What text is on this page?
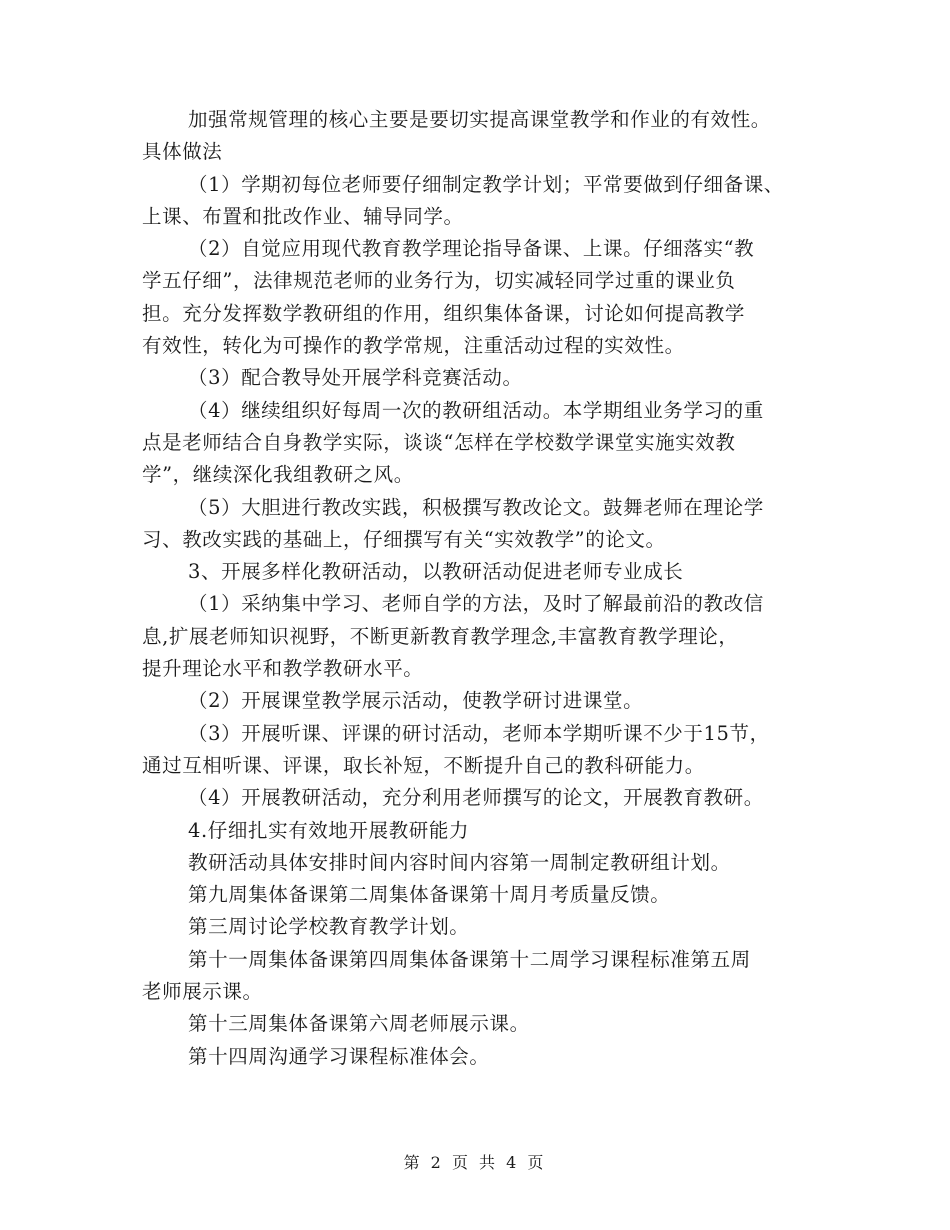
加强常规管理的核心主要是要切实提高课堂教学和作业的有效性。
具体做法

（1）学期初每位老师要仔细制定教学计划；平常要做到仔细备课、
上课、布置和批改作业、辅导同学。

（2）自觉应用现代教育教学理论指导备课、上课。仔细落实“教
学五仔细”，法律规范老师的业务行为，切实减轻同学过重的课业负
担。充分发挥数学教研组的作用，组织集体备课，讨论如何提高教学
有效性，转化为可操作的教学常规，注重活动过程的实效性。

（3）配合教导处开展学科竞赛活动。

（4）继续组织好每周一次的教研组活动。本学期组业务学习的重
点是老师结合自身教学实际，谈谈“怎样在学校数学课堂实施实效教
学”，继续深化我组教研之风。

（5）大胆进行教改实践，积极撰写教改论文。鼓舞老师在理论学
习、教改实践的基础上，仔细撰写有关“实效教学”的论文。

3、开展多样化教研活动，以教研活动促进老师专业成长

（1）采纳集中学习、老师自学的方法，及时了解最前沿的教改信
息,扩展老师知识视野，不断更新教育教学理念,丰富教育教学理论，
提升理论水平和教学教研水平。

（2）开展课堂教学展示活动，使教学研讨进课堂。

（3）开展听课、评课的研讨活动，老师本学期听课不少于15节，
通过互相听课、评课，取长补短，不断提升自己的教科研能力。

（4）开展教研活动，充分利用老师撰写的论文，开展教育教研。

4.仔细扎实有效地开展教研能力

教研活动具体安排时间内容时间内容第一周制定教研组计划。

第九周集体备课第二周集体备课第十周月考质量反馈。

第三周讨论学校教育教学计划。

第十一周集体备课第四周集体备课第十二周学习课程标准第五周
老师展示课。

第十三周集体备课第六周老师展示课。

第十四周沟通学习课程标准体会。

第 2 页 共 4 页
